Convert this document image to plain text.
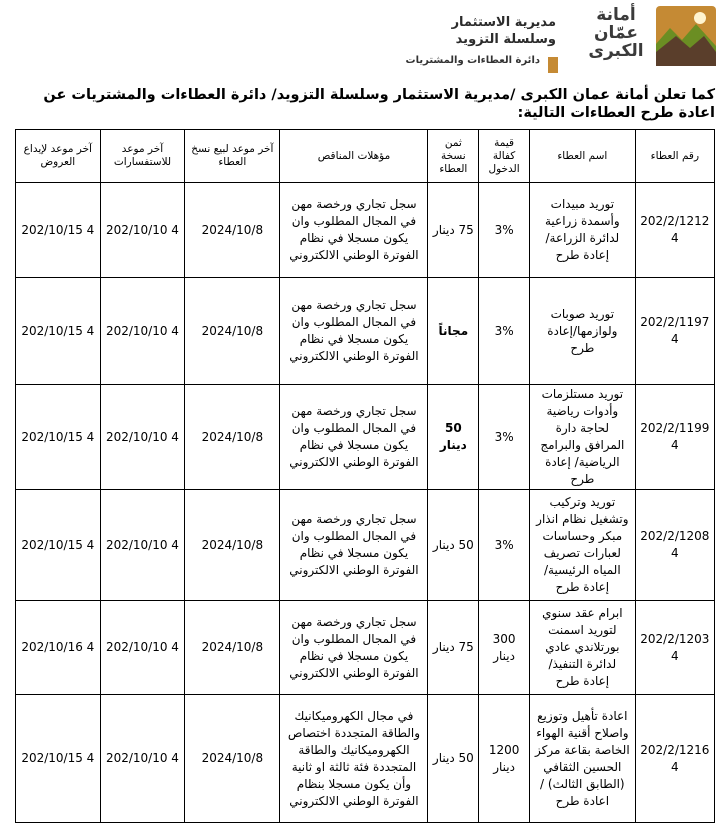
أمانة
عمّان
الكبرى
مديرية الاستثمار
وسلسلة التزويد
دائرة العطاءات والمشتريات
كما تعلن أمانة عمان الكبرى /مديرية الاستثمار وسلسلة التزويد/ دائرة العطاءات والمشتريات عن اعادة طرح العطاءات التالية:
رقم العطاء	اسم العطاء	قيمة كفالة الدخول	ثمن نسخة العطاء	مؤهلات المناقص	آخر موعد لبيع نسخ العطاء	آخر موعد للاستفسارات	آخر موعد لإيداع العروض
202/2/1212 4	توريد مبيدات وأسمدة زراعية لدائرة الزراعة/ إعادة طرح	3%	75 دينار	سجل تجاري ورخصة مهن في المجال المطلوب وان يكون مسجلا في نظام الفوترة الوطني الالكتروني	2024/10/8	202/10/10 4	202/10/15 4
202/2/1197 4	توريد صوبات ولوازمها/إعادة طرح	3%	مجاناً	سجل تجاري ورخصة مهن في المجال المطلوب وان يكون مسجلا في نظام الفوترة الوطني الالكتروني	2024/10/8	202/10/10 4	202/10/15 4
202/2/1199 4	توريد مستلزمات وأدوات رياضية لحاجة دارة المرافق والبرامج الرياضية/ إعادة طرح	3%	50 دينار	سجل تجاري ورخصة مهن في المجال المطلوب وان يكون مسجلا في نظام الفوترة الوطني الالكتروني	2024/10/8	202/10/10 4	202/10/15 4
202/2/1208 4	توريد وتركيب وتشغيل نظام انذار مبكر وحساسات لعبارات تصريف المياه الرئيسية/ إعادة طرح	3%	50 دينار	سجل تجاري ورخصة مهن في المجال المطلوب وان يكون مسجلا في نظام الفوترة الوطني الالكتروني	2024/10/8	202/10/10 4	202/10/15 4
202/2/1203 4	ابرام عقد سنوي لتوريد اسمنت بورتلاندي عادي لدائرة التنفيذ/ إعادة طرح	300 دينار	75 دينار	سجل تجاري ورخصة مهن في المجال المطلوب وان يكون مسجلا في نظام الفوترة الوطني الالكتروني	2024/10/8	202/10/10 4	202/10/16 4
202/2/1216 4	اعادة تأهيل وتوزيع واصلاح أقنية الهواء الخاصة بقاعة مركز الحسين الثقافي (الطابق الثالث) /اعادة طرح	1200 دينار	50 دينار	في مجال الكهروميكانيك والطاقة المتجددة اختصاص الكهروميكانيك والطاقة المتجددة فئة ثالثة او ثانية وأن يكون مسجلا بنظام الفوترة الوطني الالكتروني	2024/10/8	202/10/10 4	202/10/15 4
